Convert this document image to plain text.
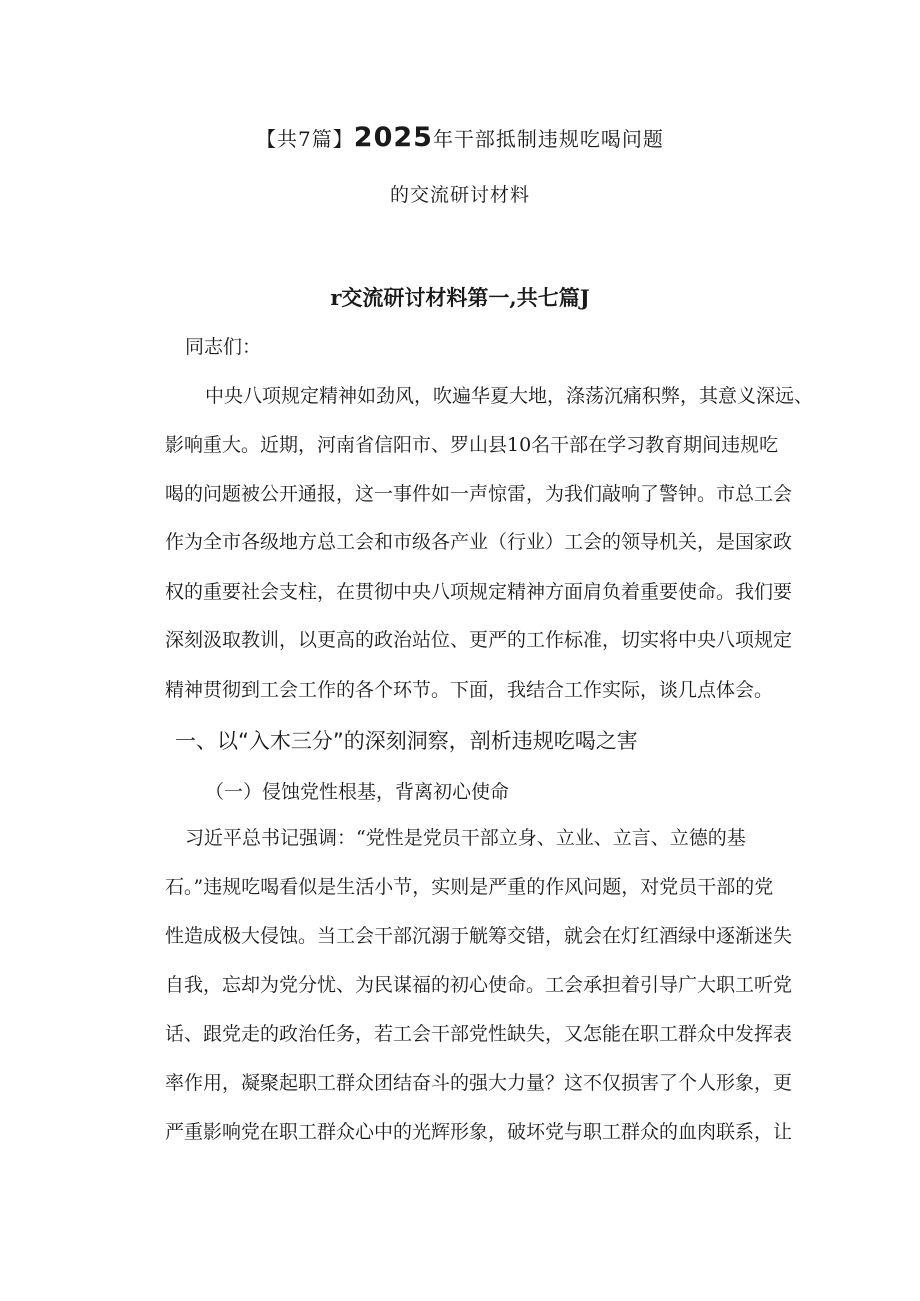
【共7篇】2025年干部抵制违规吃喝问题
的交流研讨材料
r交流研讨材料第一,共七篇J
同志们：
中央八项规定精神如劲风，吹遍华夏大地，涤荡沉痛积弊，其意义深远、
影响重大。近期，河南省信阳市、罗山县10名干部在学习教育期间违规吃
喝的问题被公开通报，这一事件如一声惊雷，为我们敲响了警钟。市总工会
作为全市各级地方总工会和市级各产业（行业）工会的领导机关，是国家政
权的重要社会支柱，在贯彻中央八项规定精神方面肩负着重要使命。我们要
深刻汲取教训，以更高的政治站位、更严的工作标准，切实将中央八项规定
精神贯彻到工会工作的各个环节。下面，我结合工作实际，谈几点体会。
一、以“入木三分”的深刻洞察，剖析违规吃喝之害
（一）侵蚀党性根基，背离初心使命
习近平总书记强调：“党性是党员干部立身、立业、立言、立德的基
石。”违规吃喝看似是生活小节，实则是严重的作风问题，对党员干部的党
性造成极大侵蚀。当工会干部沉溺于觥筹交错，就会在灯红酒绿中逐渐迷失
自我，忘却为党分忧、为民谋福的初心使命。工会承担着引导广大职工听党
话、跟党走的政治任务，若工会干部党性缺失，又怎能在职工群众中发挥表
率作用，凝聚起职工群众团结奋斗的强大力量？这不仅损害了个人形象，更
严重影响党在职工群众心中的光辉形象，破坏党与职工群众的血肉联系，让
